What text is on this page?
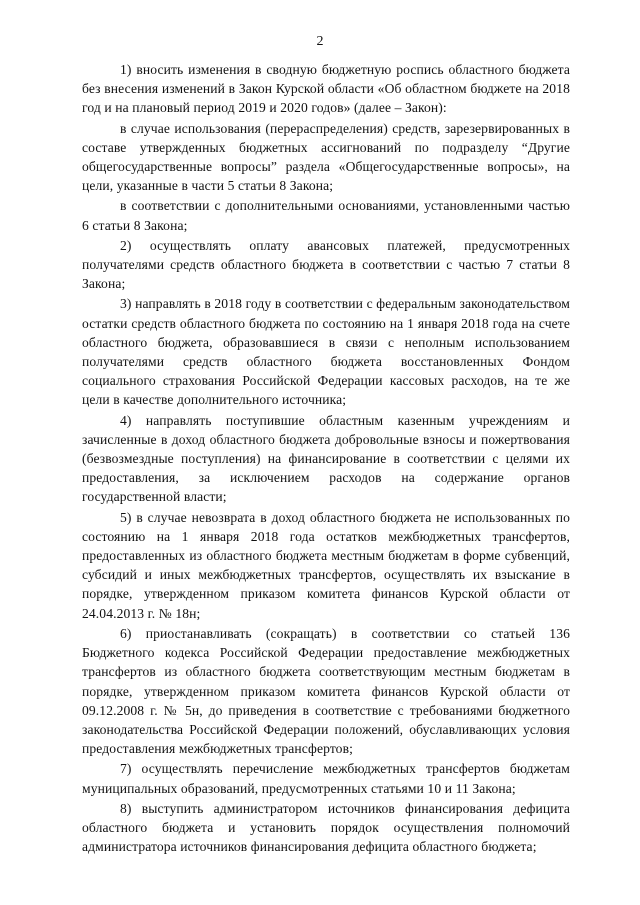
2

1) вносить изменения в сводную бюджетную роспись областного бюджета без внесения изменений в Закон Курской области «Об областном бюджете на 2018 год и на плановый период 2019 и 2020 годов» (далее – Закон):

в случае использования (перераспределения) средств, зарезервированных в составе утвержденных бюджетных ассигнований по подразделу “Другие общегосударственные вопросы” раздела «Общегосударственные вопросы», на цели, указанные в части 5 статьи 8 Закона;

в соответствии с дополнительными основаниями, установленными частью 6 статьи 8 Закона;

2) осуществлять оплату авансовых платежей, предусмотренных получателями средств областного бюджета в соответствии с частью 7 статьи 8 Закона;

3) направлять в 2018 году в соответствии с федеральным законодательством остатки средств областного бюджета по состоянию на 1 января 2018 года на счете областного бюджета, образовавшиеся в связи с неполным использованием получателями средств областного бюджета восстановленных Фондом социального страхования Российской Федерации кассовых расходов, на те же цели в качестве дополнительного источника;

4) направлять поступившие областным казенным учреждениям и зачисленные в доход областного бюджета добровольные взносы и пожертвования (безвозмездные поступления) на финансирование в соответствии с целями их предоставления, за исключением расходов на содержание органов государственной власти;

5) в случае невозврата в доход областного бюджета не использованных по состоянию на 1 января 2018 года остатков межбюджетных трансфертов, предоставленных из областного бюджета местным бюджетам в форме субвенций, субсидий и иных межбюджетных трансфертов, осуществлять их взыскание в порядке, утвержденном приказом комитета финансов Курской области от 24.04.2013 г. № 18н;

6) приостанавливать (сокращать) в соответствии со статьей 136 Бюджетного кодекса Российской Федерации предоставление межбюджетных трансфертов из областного бюджета соответствующим местным бюджетам в порядке, утвержденном приказом комитета финансов Курской области от 09.12.2008 г. № 5н, до приведения в соответствие с требованиями бюджетного законодательства Российской Федерации положений, обуславливающих условия предоставления межбюджетных трансфертов;

7) осуществлять перечисление межбюджетных трансфертов бюджетам муниципальных образований, предусмотренных статьями 10 и 11 Закона;

8) выступить администратором источников финансирования дефицита областного бюджета и установить порядок осуществления полномочий администратора источников финансирования дефицита областного бюджета;
